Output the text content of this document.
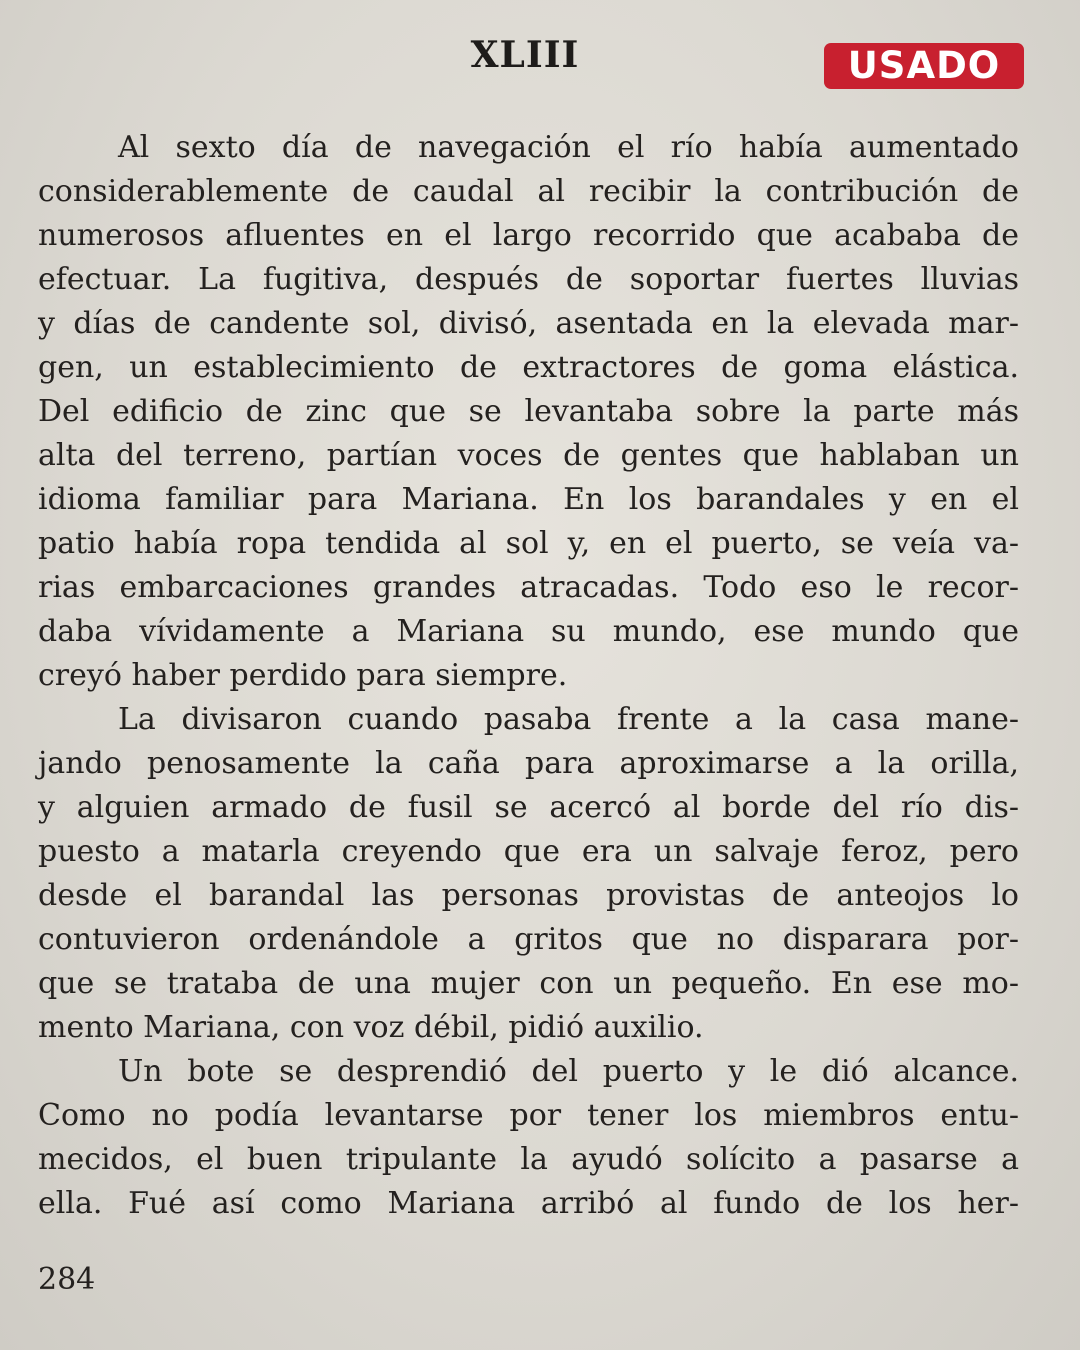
XLIII	USADO
Al sexto día de navegación el río había aumentado
considerablemente de caudal al recibir la contribución de
numerosos afluentes en el largo recorrido que acababa de
efectuar. La fugitiva, después de soportar fuertes lluvias
y días de candente sol, divisó, asentada en la elevada mar-
gen, un establecimiento de extractores de goma elástica.
Del edificio de zinc que se levantaba sobre la parte más
alta del terreno, partían voces de gentes que hablaban un
idioma familiar para Mariana. En los barandales y en el
patio había ropa tendida al sol y, en el puerto, se veía va-
rias embarcaciones grandes atracadas. Todo eso le recor-
daba vívidamente a Mariana su mundo, ese mundo que
creyó haber perdido para siempre.
La divisaron cuando pasaba frente a la casa mane-
jando penosamente la caña para aproximarse a la orilla,
y alguien armado de fusil se acercó al borde del río dis-
puesto a matarla creyendo que era un salvaje feroz, pero
desde el barandal las personas provistas de anteojos lo
contuvieron ordenándole a gritos que no disparara por-
que se trataba de una mujer con un pequeño. En ese mo-
mento Mariana, con voz débil, pidió auxilio.
Un bote se desprendió del puerto y le dió alcance.
Como no podía levantarse por tener los miembros entu-
mecidos, el buen tripulante la ayudó solícito a pasarse a
ella. Fué así como Mariana arribó al fundo de los her-
284
